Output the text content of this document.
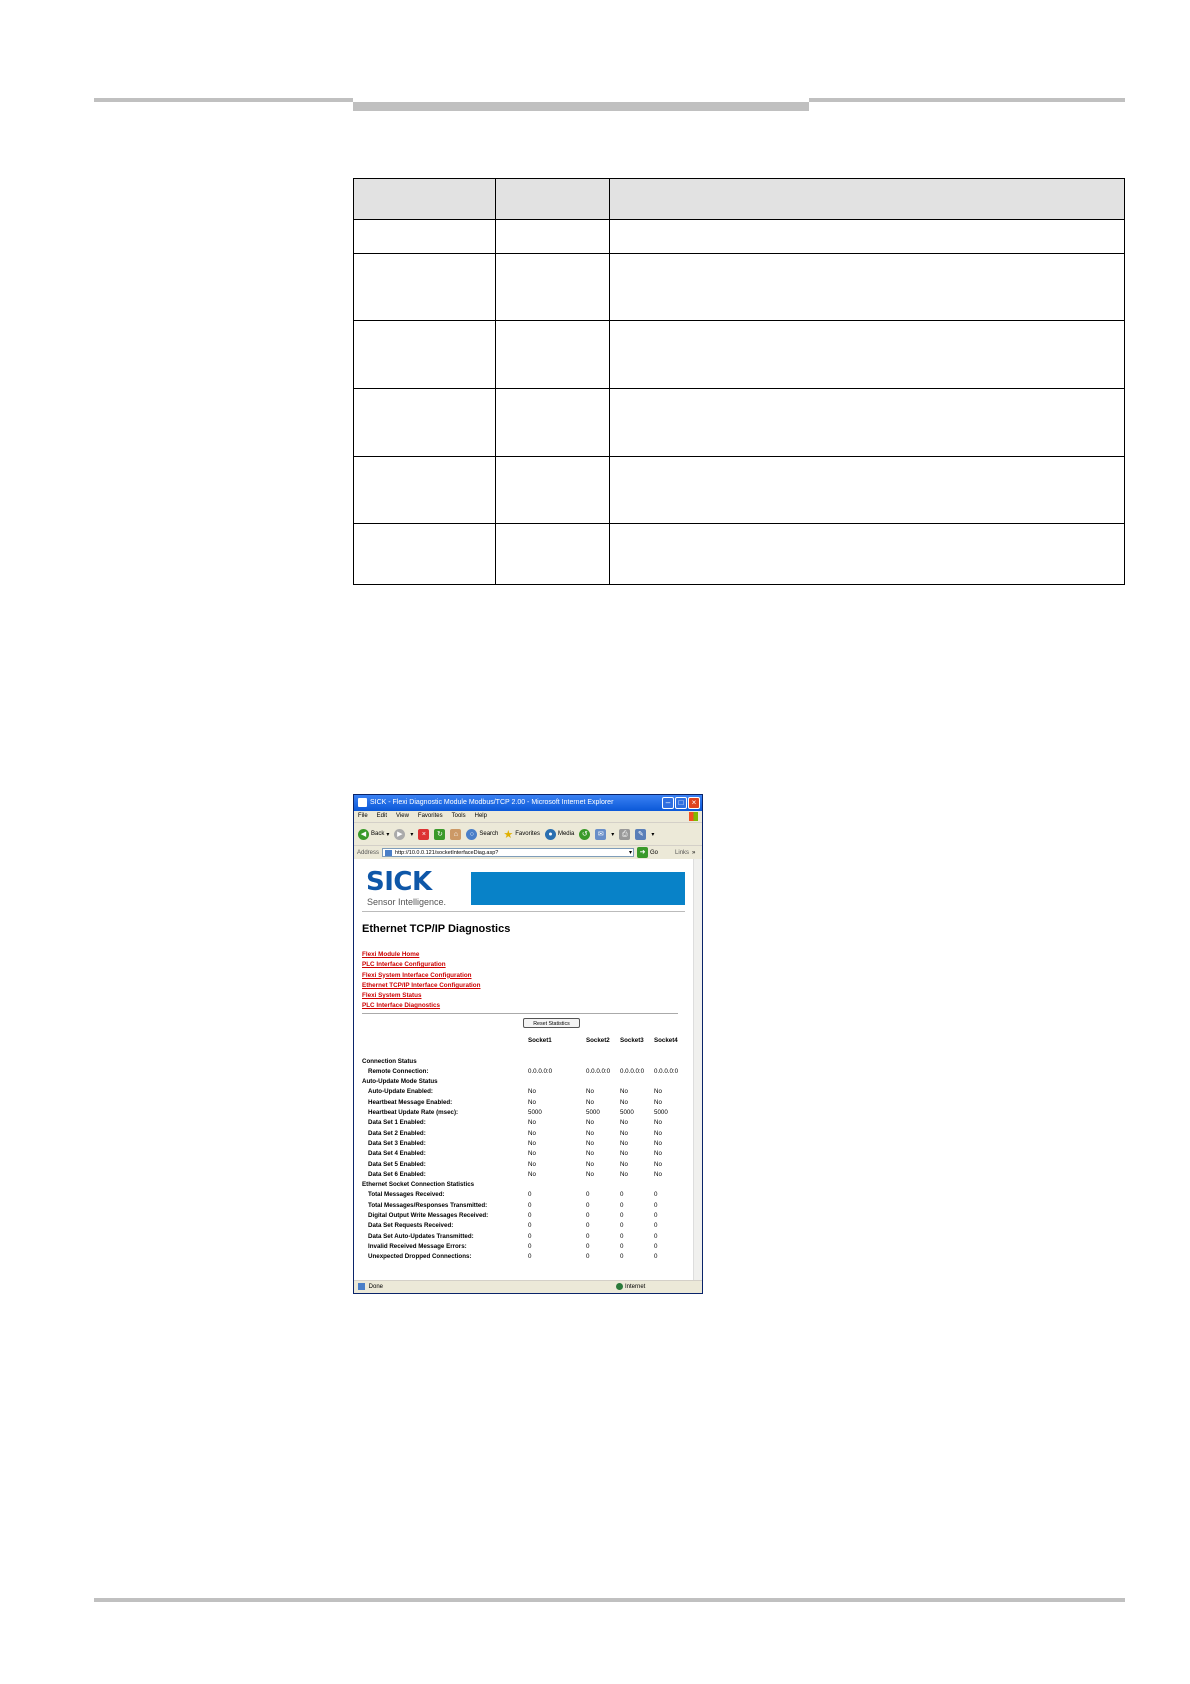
SICK - Flexi Diagnostic Module Modbus/TCP 2.00 - Microsoft Internet Explorer	–	□	×
File Edit View Favorites Tools Help
◀ Back ▾	▶	▾	×	↻	⌂	○ Search ★ Favorites	● Media	↺	✉	▾	⎙	✎	▾
Address	http://10.0.0.121/socketInterfaceDiag.asp?	▾	➜ Go	Links »
SICK
Sensor Intelligence.
Ethernet TCP/IP Diagnostics
Flexi Module Home
PLC Interface Configuration
Flexi System Interface Configuration
Ethernet TCP/IP Interface Configuration
Flexi System Status
PLC Interface Diagnostics
Reset Statistics
	Socket1	Socket2	Socket3	Socket4

Connection Status				
Remote Connection:	0.0.0.0:0	0.0.0.0:0	0.0.0.0:0	0.0.0.0:0
Auto-Update Mode Status				
Auto-Update Enabled:	No	No	No	No
Heartbeat Message Enabled:	No	No	No	No
Heartbeat Update Rate (msec):	5000	5000	5000	5000
Data Set 1 Enabled:	No	No	No	No
Data Set 2 Enabled:	No	No	No	No
Data Set 3 Enabled:	No	No	No	No
Data Set 4 Enabled:	No	No	No	No
Data Set 5 Enabled:	No	No	No	No
Data Set 6 Enabled:	No	No	No	No
Ethernet Socket Connection Statistics				
Total Messages Received:	0	0	0	0
Total Messages/Responses Transmitted:	0	0	0	0
Digital Output Write Messages Received:	0	0	0	0
Data Set Requests Received:	0	0	0	0
Data Set Auto-Updates Transmitted:	0	0	0	0
Invalid Received Message Errors:	0	0	0	0
Unexpected Dropped Connections:	0	0	0	0
Done	Internet
